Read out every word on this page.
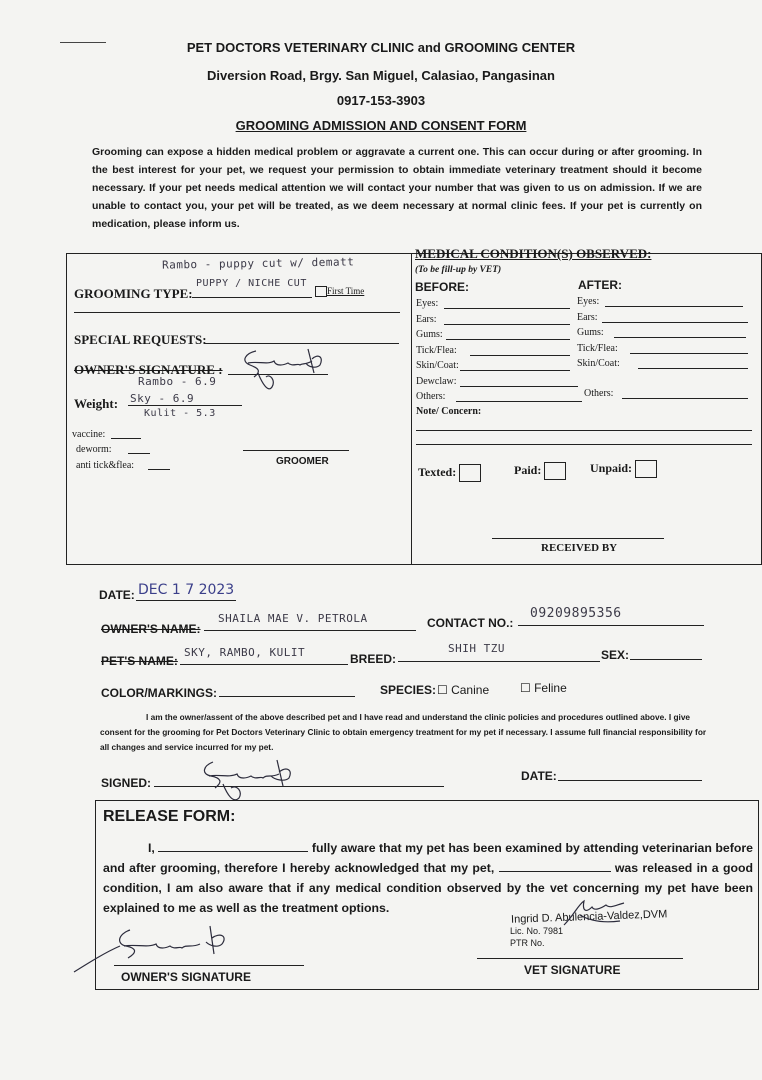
PET DOCTORS VETERINARY CLINIC and GROOMING CENTER
Diversion Road, Brgy. San Miguel, Calasiao, Pangasinan
0917-153-3903
GROOMING ADMISSION AND CONSENT FORM
Grooming can expose a hidden medical problem or aggravate a current one. This can occur during or after grooming. In the best interest for your pet, we request your permission to obtain immediate veterinary treatment should it become necessary. If your pet needs medical attention we will contact your number that was given to us on admission. If we are unable to contact you, your pet will be treated, as we deem necessary at normal clinic fees. If your pet is currently on medication, please inform us.
Rambo - puppy cut w/ dematt
GROOMING TYPE:
PUPPY / NICHE CUT
First Time
SPECIAL REQUESTS:
OWNER'S SIGNATURE :
Rambo - 6.9
Weight: Sky - 6.9
Kulit - 5.3
vaccine:
deworm:
anti tick&flea:	GROOMER
MEDICAL CONDITION(S) OBSERVED:
(To be fill-up by VET)
BEFORE:	AFTER:
Eyes:
Ears:
Gums:
Tick/Flea:
Skin/Coat:
Dewclaw:
Others:
Eyes:
Ears:
Gums:
Tick/Flea:
Skin/Coat:
Others:
Note/ Concern:
Texted:	Paid:	Unpaid:
RECEIVED BY
DATE: DEC 1 7 2023
OWNER'S NAME:
SHAILA MAE V. PETROLA	CONTACT NO.:
09209895356
PET'S NAME:
SKY, RAMBO, KULIT	BREED:
SHIH TZU	SEX:
COLOR/MARKINGS:	SPECIES: ☐ Canine	☐ Feline
I am the owner/assent of the above described pet and I have read and understand the clinic policies and procedures outlined above. I give consent for the grooming for Pet Doctors Veterinary Clinic to obtain emergency treatment for my pet if necessary. I assume full financial responsibility for all changes and service incurred for my pet.
SIGNED:	DATE:
RELEASE FORM:
I,	fully aware that my pet has been examined by attending veterinarian before and after grooming, therefore I hereby acknowledged that my pet,	was released in a good condition, I am also aware that if any medical condition observed by the vet concerning my pet have been explained to me as well as the treatment options.
Ingrid D. Abulencia-Valdez,DVM
Lic. No. 7981
PTR No.
OWNER'S SIGNATURE	VET SIGNATURE
